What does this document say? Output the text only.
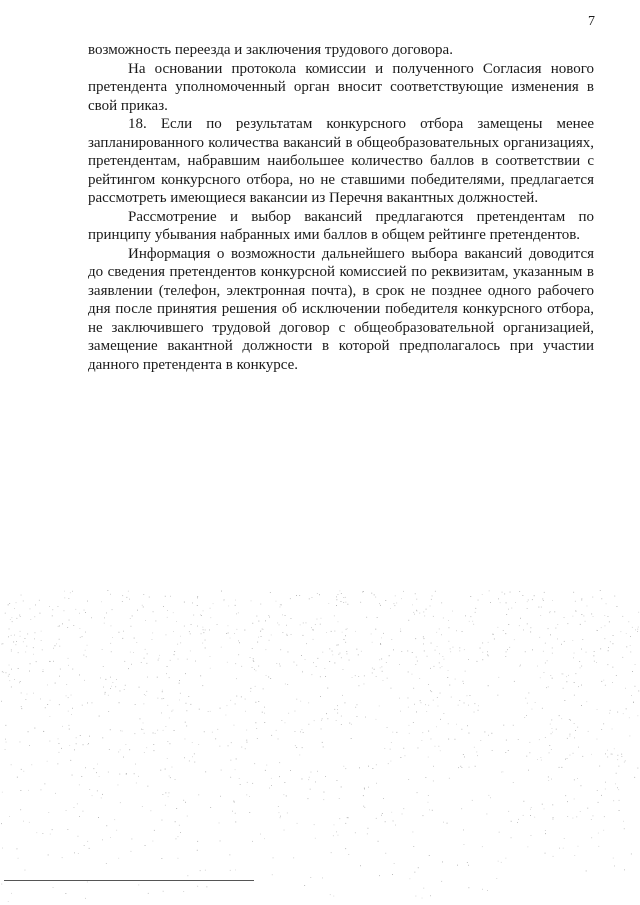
7

возможность переезда и заключения трудового договора.

На основании протокола комиссии и полученного Согласия нового претендента уполномоченный орган вносит соответствующие изменения в свой приказ.

18. Если по результатам конкурсного отбора замещены менее запланированного количества вакансий в общеобразовательных организациях, претендентам, набравшим наибольшее количество баллов в соответствии с рейтингом конкурсного отбора, но не ставшими победителями, предлагается рассмотреть имеющиеся вакансии из Перечня вакантных должностей.

Рассмотрение и выбор вакансий предлагаются претендентам по принципу убывания набранных ими баллов в общем рейтинге претендентов.

Информация о возможности дальнейшего выбора вакансий доводится до сведения претендентов конкурсной комиссией по реквизитам, указанным в заявлении (телефон, электронная почта), в срок не позднее одного рабочего дня после принятия решения об исключении победителя конкурсного отбора, не заключившего трудовой договор с общеобразовательной организацией, замещение вакантной должности в которой предполагалось при участии данного претендента в конкурсе.
